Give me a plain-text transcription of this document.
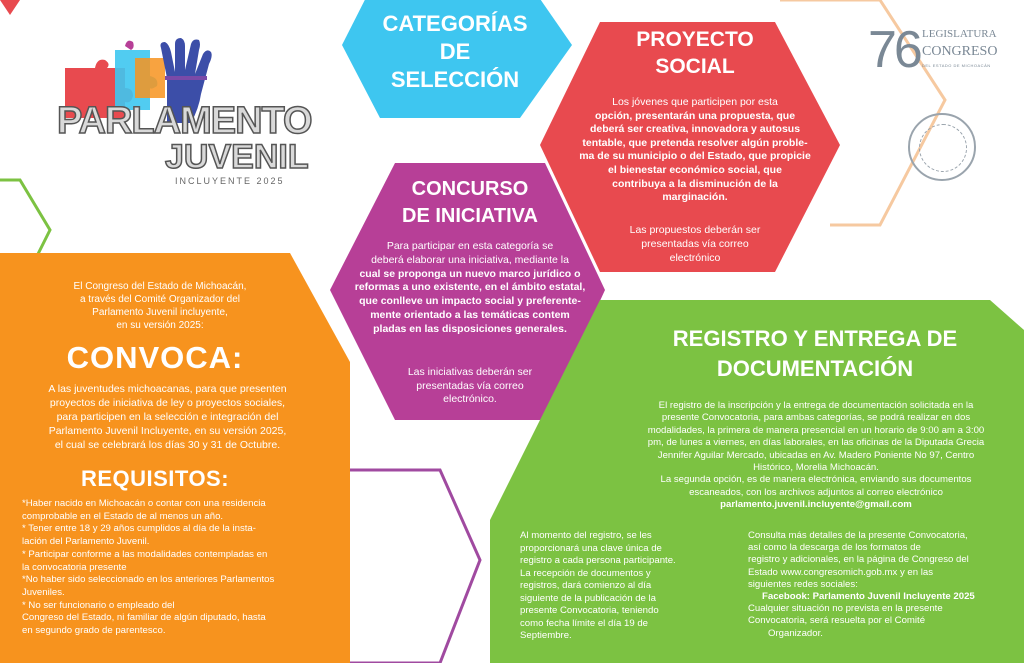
PARLAMENTO
JUVENIL
INCLUYENTE 2025
76 LEGISLATURA
CONGRESO
DEL ESTADO DE MICHOACÁN
CATEGORÍAS
DE
SELECCIÓN
PROYECTO
SOCIAL
Los jóvenes que participen por esta
opción, presentarán una propuesta, que
deberá ser creativa, innovadora y autosus
tentable, que pretenda resolver algún proble-
ma de su municipio o del Estado, que propicie
el bienestar económico social, que
contribuya a la disminución de la
marginación.
Las propuestos deberán ser
presentadas vía correo
electrónico
CONCURSO
DE INICIATIVA
Para participar en esta categoría se
deberá elaborar una iniciativa, mediante la
cual se proponga un nuevo marco jurídico o
reformas a uno existente, en el ámbito estatal,
que conlleve un impacto social y preferente-
mente orientado a las temáticas contem
pladas en las disposiciones generales.
Las iniciativas deberán ser
presentadas vía correo
electrónico.
El Congreso del Estado de Michoacán,
a través del Comité Organizador del
Parlamento Juvenil incluyente,
en su versión 2025:
CONVOCA:
A las juventudes michoacanas, para que presenten
proyectos de iniciativa de ley o proyectos sociales,
para participen en la selección e integración del
Parlamento Juvenil Incluyente, en su versión 2025,
el cual se celebrará los días 30 y 31 de Octubre.
REQUISITOS:
*Haber nacido en Michoacán o contar con una residencia
comprobable en el Estado de al menos un año.
* Tener entre 18 y 29 años cumplidos al día de la insta-
lación del Parlamento Juvenil.
* Participar conforme a las modalidades contempladas en
la convocatoria presente
*No haber sido seleccionado en los anteriores Parlamentos
Juveniles.
* No ser funcionario o empleado del
Congreso del Estado, ni familiar de algún diputado, hasta
en segundo grado de parentesco.
REGISTRO Y ENTREGA DE
DOCUMENTACIÓN
El registro de la inscripción y la entrega de documentación solicitada en la
presente Convocatoria, para ambas categorías, se podrá realizar en dos
modalidades, la primera de manera presencial en un horario de 9:00 am a 3:00
pm, de lunes a viernes, en días laborales, en las oficinas de la Diputada Grecia
Jennifer Aguilar Mercado, ubicadas en Av. Madero Poniente No 97, Centro
Histórico, Morelia Michoacán.
La segunda opción, es de manera electrónica, enviando sus documentos
escaneados, con los archivos adjuntos al correo electrónico
parlamento.juvenil.incluyente@gmail.com
Al momento del registro, se les
proporcionará una clave única de
registro a cada persona participante.
La recepción de documentos y
registros, dará comienzo al día
siguiente de la publicación de la
presente Convocatoria, teniendo
como fecha límite el día 19 de
Septiembre.
Consulta más detalles de la presente Convocatoria,
así como la descarga de los formatos de
registro y adicionales, en la página de Congreso del
Estado www.congresomich.gob.mx y en las
siguientes redes sociales:
Facebook: Parlamento Juvenil Incluyente 2025
Cualquier situación no prevista en la presente
Convocatoria, será resuelta por el Comité
Organizador.
